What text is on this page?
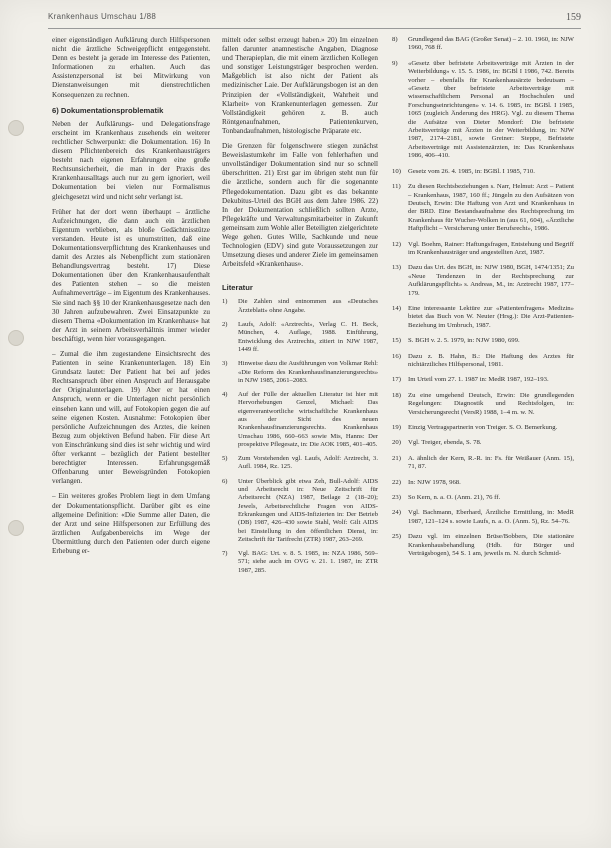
Krankenhaus Umschau 1/88	159

einer eigenständigen Aufklärung durch Hilfspersonen nicht die ärztliche Schweigepflicht entgegensteht. Denn es besteht ja gerade im Interesse des Patienten, Informationen zu erhalten. Auch das Assistenzpersonal ist bei Mitwirkung von Dienstanweisungen mit dienstrechtlichen Konsequenzen zu rechnen.

6) Dokumentationsproblematik

Neben der Aufklärungs- und Delegationsfrage erscheint im Krankenhaus zusehends ein weiterer rechtlicher Schwerpunkt: die Dokumentation. 16) In diesem Pflichtenbereich des Krankenhausträgers besteht nach eigenen Erfahrungen eine große Rechtsunsicherheit, die man in der Praxis des Krankenhausalltags auch nur zu gern ignoriert, weil Dokumentation bei vielen nur Formalismus gleichgesetzt wird und nicht sehr verlangt ist.

Früher hat der dort wenn überhaupt – ärztliche Aufzeichnungen, die dann auch ein ärztlichen Eigentum verblieben, als bloße Gedächtnisstütze verstanden. Heute ist es unumstritten, daß eine Dokumentationsverpflichtung des Krankenhauses und damit des Arztes als Nebenpflicht zum stationären Behandlungsvertrag besteht. 17) Diese Dokumentationen über den Krankenhausaufenthalt des Patienten stehen – so die meisten Aufnahmeverträge – im Eigentum des Krankenhauses. Sie sind nach §§ 10 der Krankenhausgesetze nach den 30 Jahren aufzubewahren. Zwei Einsatzpunkte zu diesem Thema «Dokumentation im Krankenhaus» hat der Arzt in seinem Arbeitsverhältnis immer wieder beschäftigt, wenn hier vorausgegangen.

– Zumal die ihm zugestandene Einsichtsrecht des Patienten in seine Krankenunterlagen. 18) Ein Grundsatz lautet: Der Patient hat bei auf jedes Rechtsanspruch über einen Anspruch auf Herausgabe der Originalunterlagen. 19) Aber er hat einen Anspruch, wenn er die Unterlagen nicht persönlich einsehen kann und will, auf Fotokopien gegen die auf seine eigenen Kosten. Ausnahme: Fotokopien über persönliche Aufzeichnungen des Arztes, die keinen Bezug zum objektiven Befund haben. Für diese Art von Einschränkung sind dies ist sehr wichtig und wird öfter verkannt – bezüglich der Patient bestellter berechtigter Interessen. Erfahrungsgemäß Offenbarung unter Beweisgründen Fotokopien verlangen.

– Ein weiteres großes Problem liegt in dem Umfang der Dokumentationspflicht. Darüber gibt es eine allgemeine Definition: «Die Summe aller Daten, die der Arzt und seine Hilfspersonen zur Erfüllung des ärztlichen Aufgabenbereichs im Wege der Übermittlung durch den Patienten oder durch eigene Erhebung er-

mittelt oder selbst erzeugt haben.» 20) Im einzelnen fallen darunter anamnestische Angaben, Diagnose und Therapieplan, die mit einem ärztlichen Kollegen und sonstiger Leistungsträger besprochen werden. Maßgeblich ist also nicht der Patient als medizinischer Laie. Der Aufklärungsbogen ist an den Prinzipien der «Vollständigkeit, Wahrheit und Klarheit» von Krankenunterlagen gemessen. Zur Vollständigkeit gehören z. B. auch Röntgenaufnahmen, Patientenkurven, Tonbandaufnahmen, histologische Präparate etc.

Die Grenzen für folgenschwere stiegen zunächst Beweislastumkehr im Falle von fehlerhaften und unvollständiger Dokumentation sind nur so schnell überschritten. 21) Erst gar im übrigen steht nun für die ärztliche, sondern auch für die sogenannte Pflegedokumentation. Dazu gibt es das bekannte Dekubitus-Urteil des BGH aus dem Jahre 1986. 22) In der Dokumentation schließlich sollten Arzte, Pflegekräfte und Verwaltungsmitarbeiter in Zukunft gemeinsam zum Wohle aller Beteiligten zielgerichtete Wege gehen. Gutes Wille, Sachkunde und neue Technologien (EDV) sind gute Voraussetzungen zur Umsetzung dieses und anderer Ziele im gemeinsamen Arbeitsfeld «Krankenhaus».

Literatur
1) Die Zahlen sind entnommen aus «Deutsches Ärzteblatt» ohne Angabe.
2) Laufs, Adolf: «Arztrecht», Verlag C. H. Beck, München, 4. Auflage, 1988. Einführung, Entwicklung des Arztrechts, zitiert in NJW 1987, 1449 ff.
3) Hinweise dazu die Ausführungen von Volkmar Rehl: «Die Reform des Krankenhausfinanzierungsrechts» in NJW 1985, 2061–2083.
4) Auf der Fülle der aktuellen Literatur ist hier mit Hervorhebungen Genzel, Michael: Das eigenverantwortliche wirtschaftliche Krankenhaus aus der Sicht des neuen Krankenhausfinanzierungsrechts. Krankenhaus Umschau 1986, 660–663 sowie Mis, Hanns: Der prospektive Pflegesatz, in: Die AOK 1985, 401–405.
5) Zum Vorstehenden vgl. Laufs, Adolf: Arztrecht, 3. Aufl. 1984, Rz. 125.
6) Unter Überblick gibt etwa Zeh, Bull-Adolf: AIDS und Arbeitsrecht in: Neue Zeitschrift für Arbeitsrecht (NZA) 1987, Beilage 2 (18–20); Jewels, Arbeitsrechtliche Fragen von AIDS-Erkrankungen und AIDS-Infizierten in: Der Betrieb (DB) 1987, 426–430 sowie Stahl, Wolf: Gilt AIDS bei Einstellung in den öffentlichen Dienst, in: Zeitschrift für Tarifrecht (ZTR) 1987, 263–269.
7) Vgl. BAG: Urt. v. 8. 5. 1985, in: NZA 1986, 569–571; siehe auch im OVG v. 21. 1. 1987, in: ZTR 1987, 285.
8) Grundlegend das BAG (Großer Senat) – 2. 10. 1960, in: NJW 1960, 768 ff.
9) «Gesetz über befristete Arbeitsverträge mit Ärzten in der Weiterbildung» v. 15. 5. 1986, in: BGBl I 1986, 742. Bereits vorher – ebenfalls für Krankenhausärzte bedeutsam – «Gesetz über befristete Arbeitsverträge mit wissenschaftlichem Personal an Hochschulen und Forschungseinrichtungen» v. 14. 6. 1985, in: BGBl. I 1985, 1065 (zugleich Änderung des HRG). Vgl. zu diesem Thema die Aufsätze von Dieter Mondorf: Die befristete Arbeitsverträge mit Ärzten in der Weiterbildung, in: NJW 1987, 2174–2181, sowie Greiner: Steppe, Befristete Arbeitsverträge mit Assistenzärzten, in: Das Krankenhaus 1986, 406–410.
10) Gesetz vom 26. 4. 1985, in: BGBl. I 1985, 710.
11) Zu diesen Rechtsbeziehungen s. Narr, Helmut: Arzt – Patient – Krankenhaus, 1987, 160 ff.; Jüngeln zu den Aufsätzen von Deutsch, Erwin: Die Haftung von Arzt und Krankenhaus in der BRD. Eine Bestandsaufnahme des Rechtsprechung im Krankenhaus für Wucher-Wolken in (aus 61, 604), «Ärztliche Haftpflicht – Versicherung unter Berufsrecht», 1986.
12) Vgl. Boehm, Rainer: Haftungsfragen, Entstehung und Begriff im Krankenhausträger und angestellten Arzt, 1987.
13) Dazu das Urt. des BGH, in: NJW 1980, BGH, 1474/1351; Zu «Neue Tendenzen in der Rechtsprechung zur Aufklärungspflicht» s. Andreas, M., in: Arztrecht 1987, 177–179.
14) Eine interessante Lektüre zur «Patientenfragen» Medizin» bietet das Buch von W. Neuter (Hrsg.): Die Arzt-Patienten-Beziehung im Umbruch, 1987.
15) S. BGH v. 2. 5. 1979, in: NJW 1980, 699.
16) Dazu z. B. Hahn, B.: Die Haftung des Arztes für nichtärztliches Hilfspersonal, 1981.
17) Im Urteil vom 27. 1. 1987 in: MedR 1987, 192–193.
18) Zu eine umgehend Deutsch, Erwin: Die grundlegenden Regelungen: Diagnostik und Rechtsfolgen, in: Versicherungsrecht (VersR) 1988, 1–4 m. w. N.
19) Einzig Vertragspartnerin von Treiger. S. O. Bemerkung.
20) Vgl. Treiger, ebenda, S. 78.
21) A. ähnlich der Kern, R.-R. in: Fs. für Weißauer (Anm. 15), 71, 87.
22) In: NJW 1978, 968.
23) So Kern, n. a. O. (Anm. 21), 76 ff.
24) Vgl. Bachmann, Eberhard, Ärztliche Ermittlung, in: MedR 1987, 121–124 s. sowie Laufs, n. a. O. (Anm. 5), Rz. 54–76.
25) Dazu vgl. im einzelnen Brüse/Bobbers, Die stationäre Krankenhausbehandlung (Hdb. für Bürger und Verträgsbogen), 54 S. 1 am, jeweils m. N. durch Schmid-
